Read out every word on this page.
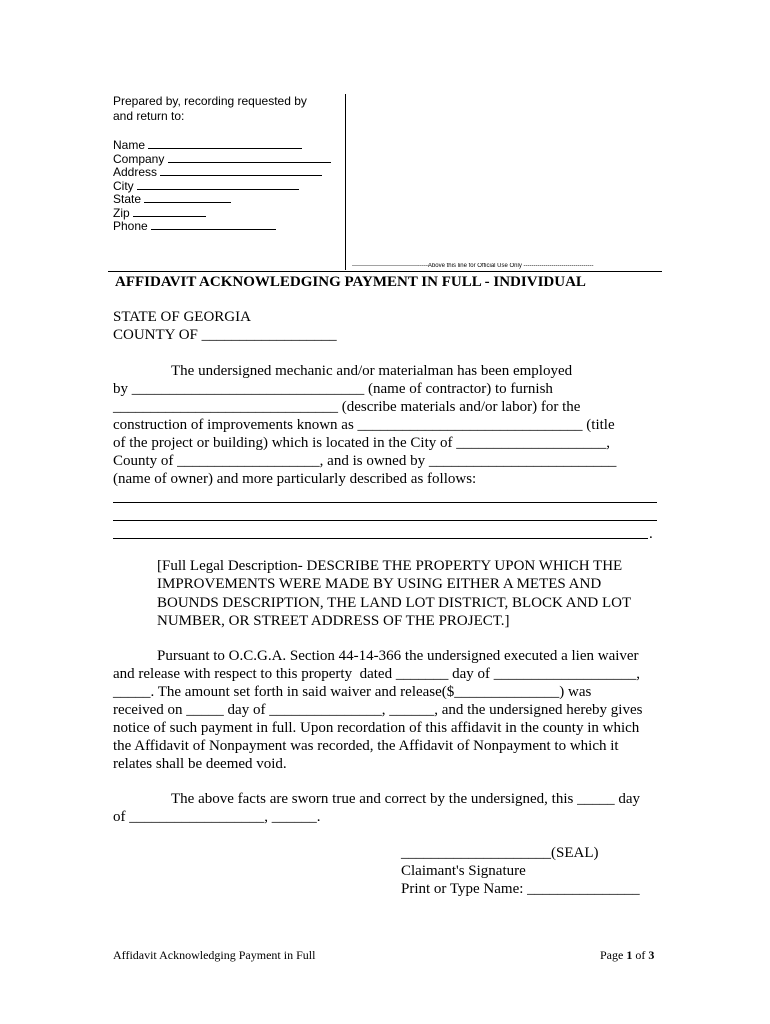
Prepared by, recording requested by
and return to:
Name
Company
Address
City
State
Zip
Phone
--------------------------------------Above this line for Official Use Only -----------------------------------
AFFIDAVIT ACKNOWLEDGING PAYMENT IN FULL - INDIVIDUAL
STATE OF GEORGIA
COUNTY OF __________________
The undersigned mechanic and/or materialman has been employed
by _______________________________ (name of contractor) to furnish
______________________________ (describe materials and/or labor) for the
construction of improvements known as ______________________________ (title
of the project or building) which is located in the City of ____________________,
County of ___________________, and is owned by _________________________
(name of owner) and more particularly described as follows:
.
[Full Legal Description- DESCRIBE THE PROPERTY UPON WHICH THE
IMPROVEMENTS WERE MADE BY USING EITHER A METES AND
BOUNDS DESCRIPTION, THE LAND LOT DISTRICT, BLOCK AND LOT
NUMBER, OR STREET ADDRESS OF THE PROJECT.]
Pursuant to O.C.G.A. Section 44-14-366 the undersigned executed a lien waiver
and release with respect to this property  dated _______ day of ___________________,
_____. The amount set forth in said waiver and release($______________) was
received on _____ day of _______________, ______, and the undersigned hereby gives
notice of such payment in full. Upon recordation of this affidavit in the county in which
the Affidavit of Nonpayment was recorded, the Affidavit of Nonpayment to which it
relates shall be deemed void.
The above facts are sworn true and correct by the undersigned, this _____ day
of __________________, ______.
____________________(SEAL)
Claimant's Signature
Print or Type Name: _______________
Affidavit Acknowledging Payment in Full	Page 1 of 3
